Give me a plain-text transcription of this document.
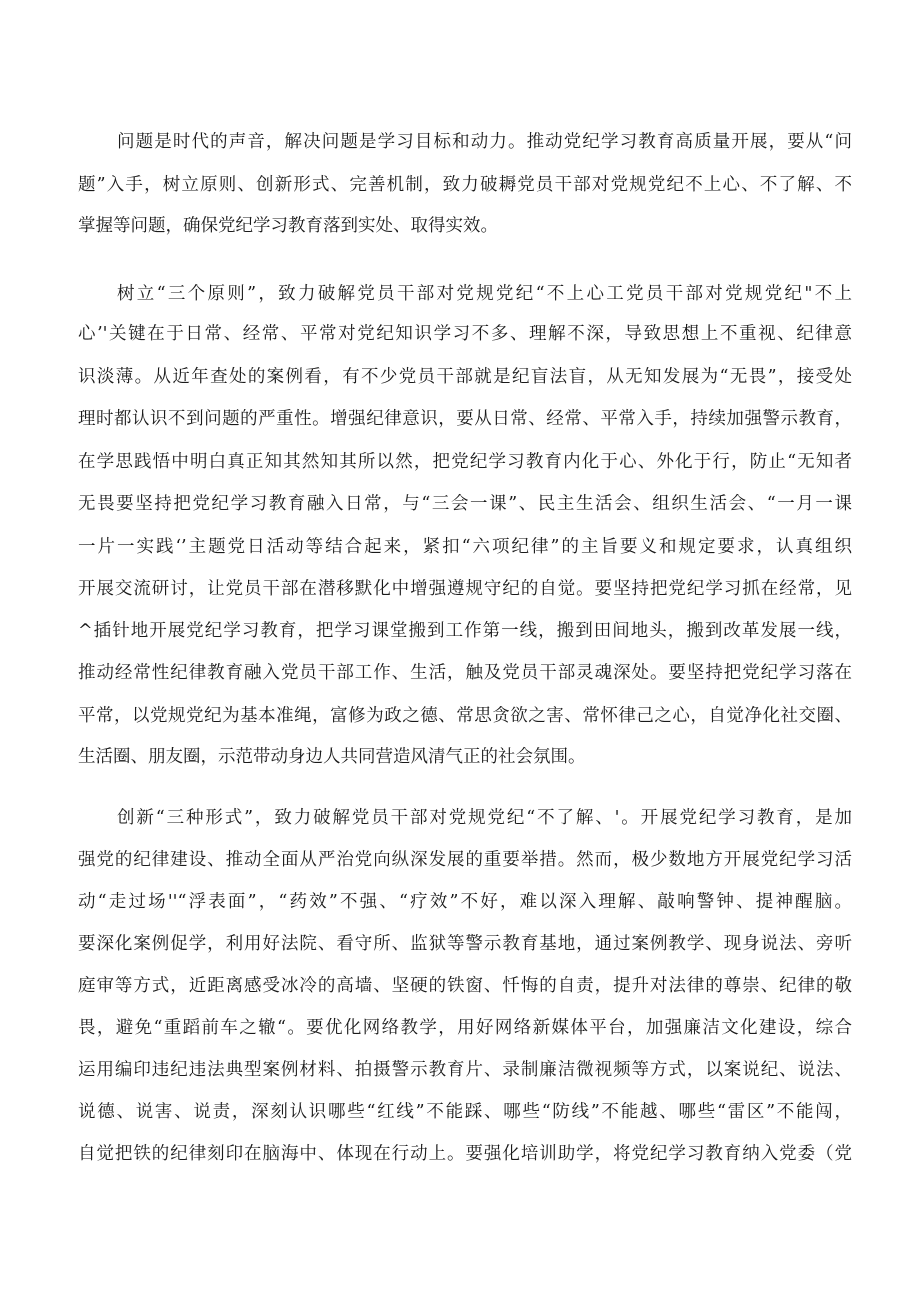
问题是时代的声音，解决问题是学习目标和动力。推动党纪学习教育高质量开展，要从“问
题”入手，树立原则、创新形式、完善机制，致力破耨党员干部对党规党纪不上心、不了解、不
掌握等问题，确保党纪学习教育落到实处、取得实效。
树立“三个原则”，致力破解党员干部对党规党纪“不上心工党员干部对党规党纪"不上
心’'关键在于日常、经常、平常对党纪知识学习不多、理解不深，导致思想上不重视、纪律意
识淡薄。从近年查处的案例看，有不少党员干部就是纪盲法盲，从无知发展为“无畏”，接受处
理时都认识不到问题的严重性。增强纪律意识，要从日常、经常、平常入手，持续加强警示教育，
在学思践悟中明白真正知其然知其所以然，把党纪学习教育内化于心、外化于行，防止“无知者
无畏要坚持把党纪学习教育融入日常，与“三会一课”、民主生活会、组织生活会、“一月一课
一片一实践‘’主题党日活动等结合起来，紧扣“六项纪律”的主旨要义和规定要求，认真组织
开展交流研讨，让党员干部在潜移默化中增强遵规守纪的自觉。要坚持把党纪学习抓在经常，见
^插针地开展党纪学习教育，把学习课堂搬到工作第一线，搬到田间地头，搬到改革发展一线，
推动经常性纪律教育融入党员干部工作、生活，触及党员干部灵魂深处。要坚持把党纪学习落在
平常，以党规党纪为基本准绳，富修为政之德、常思贪欲之害、常怀律己之心，自觉净化社交圈、
生活圈、朋友圈，示范带动身边人共同营造风清气正的社会氛围。
创新“三种形式”，致力破解党员干部对党规党纪“不了解、'。开展党纪学习教育，是加
强党的纪律建设、推动全面从严治党向纵深发展的重要举措。然而，极少数地方开展党纪学习活
动“走过场''“浮表面”，“药效”不强、“疗效”不好，难以深入理解、敲响警钟、提神醒脑。
要深化案例促学，利用好法院、看守所、监狱等警示教育基地，通过案例教学、现身说法、旁听
庭审等方式，近距离感受冰冷的高墙、坚硬的铁窗、忏悔的自责，提升对法律的尊崇、纪律的敬
畏，避免“重蹈前车之辙“。要优化网络教学，用好网络新媒体平台，加强廉洁文化建设，综合
运用编印违纪违法典型案例材料、拍摄警示教育片、录制廉洁微视频等方式，以案说纪、说法、
说德、说害、说责，深刻认识哪些“红线”不能踩、哪些“防线”不能越、哪些“雷区”不能闯，
自觉把铁的纪律刻印在脑海中、体现在行动上。要强化培训助学，将党纪学习教育纳入党委（党
